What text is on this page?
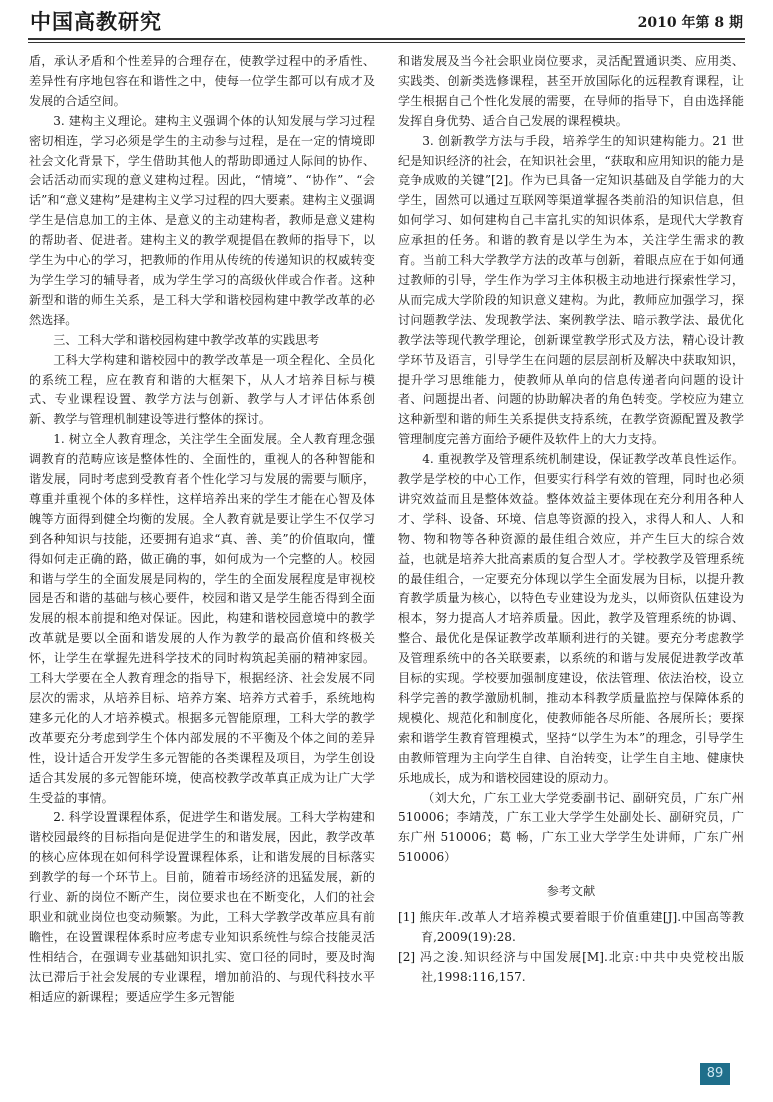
中国高教研究	2010 年第 8 期

盾，承认矛盾和个性差异的合理存在，使教学过程中的矛盾性、差异性有序地包容在和谐性之中，使每一位学生都可以有成才及发展的合适空间。

3. 建构主义理论。建构主义强调个体的认知发展与学习过程密切相连，学习必须是学生的主动参与过程，是在一定的情境即社会文化背景下，学生借助其他人的帮助即通过人际间的协作、会话活动而实现的意义建构过程。因此，“情境”、“协作”、“会话”和“意义建构”是建构主义学习过程的四大要素。建构主义强调学生是信息加工的主体、是意义的主动建构者，教师是意义建构的帮助者、促进者。建构主义的教学观提倡在教师的指导下，以学生为中心的学习，把教师的作用从传统的传递知识的权威转变为学生学习的辅导者，成为学生学习的高级伙伴或合作者。这种新型和谐的师生关系，是工科大学和谐校园构建中教学改革的必然选择。

三、工科大学和谐校园构建中教学改革的实践思考

工科大学构建和谐校园中的教学改革是一项全程化、全员化的系统工程，应在教育和谐的大框架下，从人才培养目标与模式、专业课程设置、教学方法与创新、教学与人才评估体系创新、教学与管理机制建设等进行整体的探讨。

1. 树立全人教育理念，关注学生全面发展。全人教育理念强调教育的范畴应该是整体性的、全面性的，重视人的各种智能和谐发展，同时考虑到受教育者个性化学习与发展的需要与顺序，尊重并重视个体的多样性，这样培养出来的学生才能在心智及体魄等方面得到健全均衡的发展。全人教育就是要让学生不仅学习到各种知识与技能，还要拥有追求“真、善、美”的价值取向，懂得如何走正确的路，做正确的事，如何成为一个完整的人。校园和谐与学生的全面发展是同构的，学生的全面发展程度是审视校园是否和谐的基础与核心要件，校园和谐又是学生能否得到全面发展的根本前提和绝对保证。因此，构建和谐校园意境中的教学改革就是要以全面和谐发展的人作为教学的最高价值和终极关怀，让学生在掌握先进科学技术的同时构筑起美丽的精神家园。工科大学要在全人教育理念的指导下，根据经济、社会发展不同层次的需求，从培养目标、培养方案、培养方式着手，系统地构建多元化的人才培养模式。根据多元智能原理，工科大学的教学改革要充分考虑到学生个体内部发展的不平衡及个体之间的差异性，设计适合开发学生多元智能的各类课程及项目，为学生创设适合其发展的多元智能环境，使高校教学改革真正成为让广大学生受益的事情。

2. 科学设置课程体系，促进学生和谐发展。工科大学构建和谐校园最终的目标指向是促进学生的和谐发展，因此，教学改革的核心应体现在如何科学设置课程体系，让和谐发展的目标落实到教学的每一个环节上。目前，随着市场经济的迅猛发展，新的行业、新的岗位不断产生，岗位要求也在不断变化，人们的社会职业和就业岗位也变动频繁。为此，工科大学教学改革应具有前瞻性，在设置课程体系时应考虑专业知识系统性与综合技能灵活性相结合，在强调专业基础知识扎实、宽口径的同时，要及时淘汰已滞后于社会发展的专业课程，增加前沿的、与现代科技水平相适应的新课程；要适应学生多元智能

和谐发展及当今社会职业岗位要求，灵活配置通识类、应用类、实践类、创新类选修课程，甚至开放国际化的远程教育课程，让学生根据自己个性化发展的需要，在导师的指导下，自由选择能发挥自身优势、适合自己发展的课程模块。

3. 创新教学方法与手段，培养学生的知识建构能力。21 世纪是知识经济的社会，在知识社会里，“获取和应用知识的能力是竞争成败的关键”[2]。作为已具备一定知识基础及自学能力的大学生，固然可以通过互联网等渠道掌握各类前沿的知识信息，但如何学习、如何建构自己丰富扎实的知识体系，是现代大学教育应承担的任务。和谐的教育是以学生为本，关注学生需求的教育。当前工科大学教学方法的改革与创新，着眼点应在于如何通过教师的引导，学生作为学习主体积极主动地进行探索性学习，从而完成大学阶段的知识意义建构。为此，教师应加强学习，探讨问题教学法、发现教学法、案例教学法、暗示教学法、最优化教学法等现代教学理论，创新课堂教学形式及方法，精心设计教学环节及语言，引导学生在问题的层层剖析及解决中获取知识，提升学习思维能力，使教师从单向的信息传递者向问题的设计者、问题提出者、问题的协助解决者的角色转变。学校应为建立这种新型和谐的师生关系提供支持系统，在教学资源配置及教学管理制度完善方面给予硬件及软件上的大力支持。

4. 重视教学及管理系统机制建设，保证教学改革良性运作。教学是学校的中心工作，但要实行科学有效的管理，同时也必须讲究效益而且是整体效益。整体效益主要体现在充分利用各种人才、学科、设备、环境、信息等资源的投入，求得人和人、人和物、物和物等各种资源的最佳组合效应，并产生巨大的综合效益，也就是培养大批高素质的复合型人才。学校教学及管理系统的最佳组合，一定要充分体现以学生全面发展为目标，以提升教育教学质量为核心，以特色专业建设为龙头，以师资队伍建设为根本，努力提高人才培养质量。因此，教学及管理系统的协调、整合、最优化是保证教学改革顺利进行的关键。要充分考虑教学及管理系统中的各关联要素，以系统的和谐与发展促进教学改革目标的实现。学校要加强制度建设，依法管理、依法治校，设立科学完善的教学激励机制，推动本科教学质量监控与保障体系的规模化、规范化和制度化，使教师能各尽所能、各展所长；要探索和谐学生教育管理模式，坚持“以学生为本”的理念，引导学生由教师管理为主向学生自律、自治转变，让学生自主地、健康快乐地成长，成为和谐校园建设的原动力。

（刘大允，广东工业大学党委副书记、副研究员，广东广州 510006；李靖茂，广东工业大学学生处副处长、副研究员，广东广州 510006；葛 畅，广东工业大学学生处讲师，广东广州 510006）

参考文献

[1] 熊庆年.改革人才培养模式要着眼于价值重建[J].中国高等教育,2009(19):28.

[2] 冯之浚.知识经济与中国发展[M].北京:中共中央党校出版社,1998:116,157.

89
